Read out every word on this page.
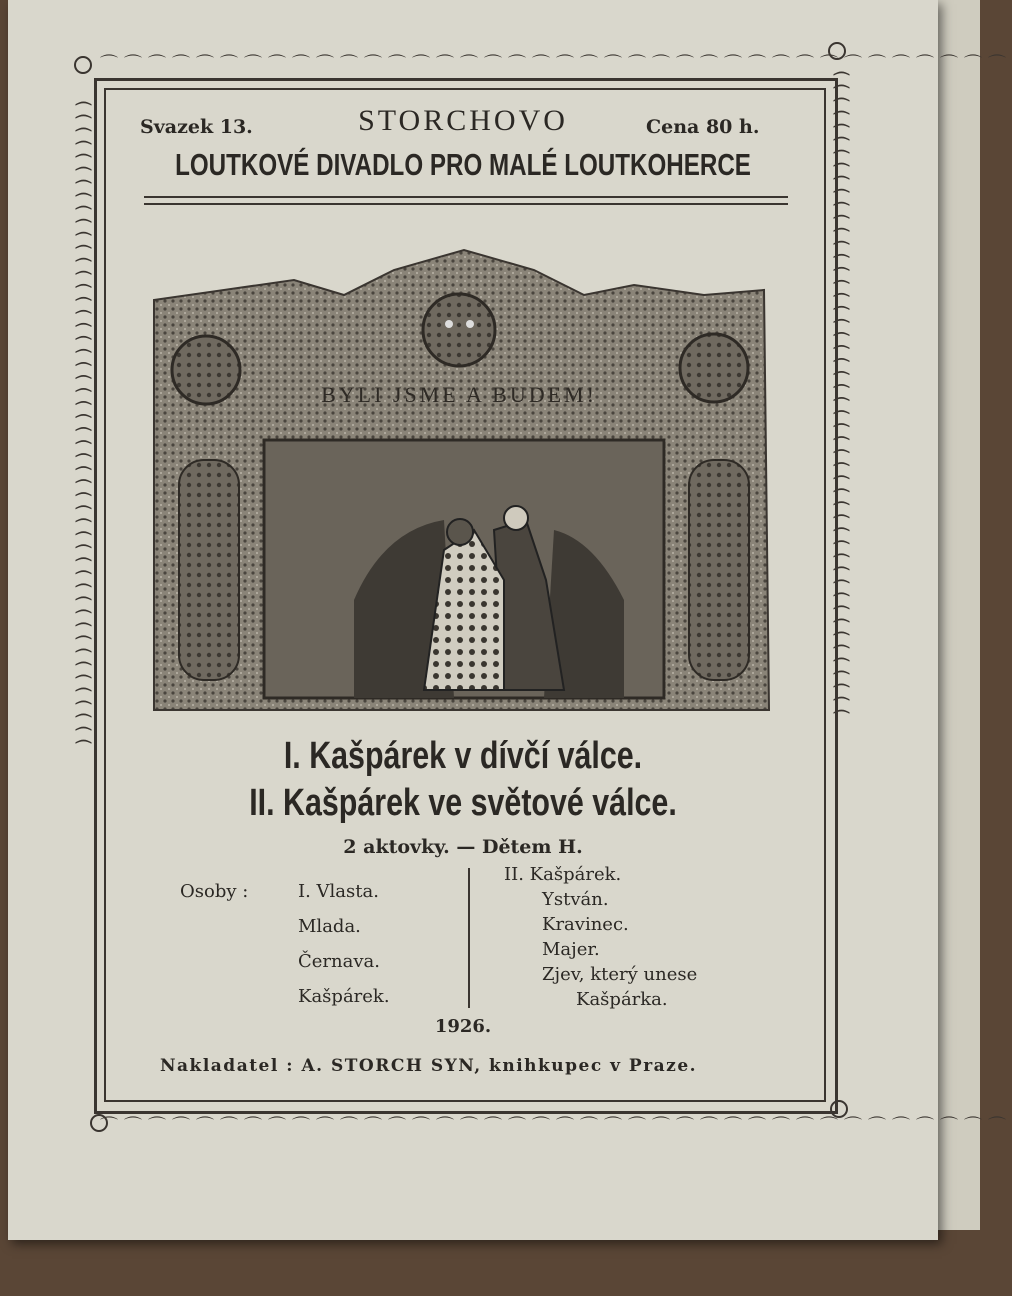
⌒⌒⌒⌒⌒⌒⌒⌒⌒⌒⌒⌒⌒⌒⌒⌒⌒⌒⌒⌒⌒⌒⌒⌒⌒⌒⌒⌒⌒⌒⌒⌒⌒⌒⌒⌒⌒⌒
⌒⌒⌒⌒⌒⌒⌒⌒⌒⌒⌒⌒⌒⌒⌒⌒⌒⌒⌒⌒⌒⌒⌒⌒⌒⌒⌒⌒⌒⌒⌒⌒⌒⌒⌒⌒⌒⌒
((((((((((((((((((((((((((((((((((((((((((((((((((	((((((((((((((((((((((((((((((((((((((((((((((((((
Svazek 13.	Cena 80 h.
STORCHOVO
LOUTKOVÉ DIVADLO PRO MALÉ LOUTKOHERCE
BYLI JSME A BUDEM!
I. Kašpárek v dívčí válce.
II. Kašpárek ve světové válce.
2 aktovky. — Dětem H.
Osoby :	I. Vlasta.
Mlada.
Černava.
Kašpárek.
II. Kašpárek.
Ystván.
Kravinec.
Majer.
Zjev, který unese
Kašpárka.
1926.
Nakladatel : A. STORCH SYN, knihkupec v Praze.
